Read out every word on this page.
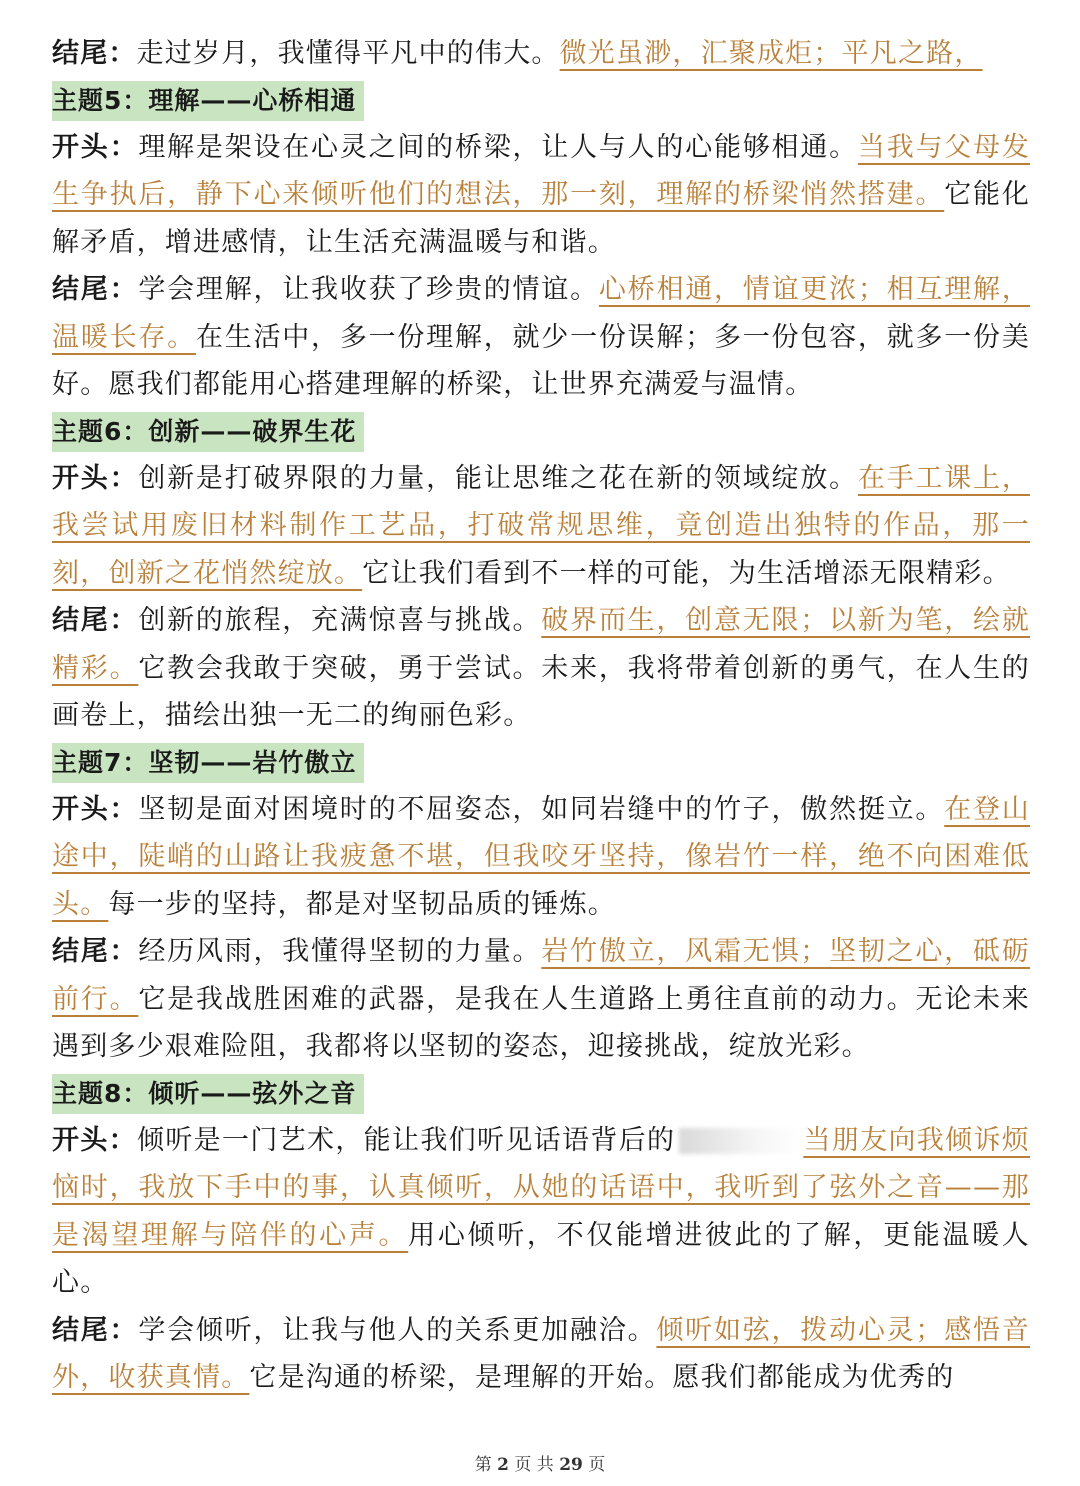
结尾：走过岁月，我懂得平凡中的伟大。微光虽渺，汇聚成炬；平凡之路，

主题5：理解——心桥相通

开头：理解是架设在心灵之间的桥梁，让人与人的心能够相通。当我与父母发生争执后，静下心来倾听他们的想法，那一刻，理解的桥梁悄然搭建。它能化解矛盾，增进感情，让生活充满温暖与和谐。

结尾：学会理解，让我收获了珍贵的情谊。心桥相通，情谊更浓；相互理解，温暖长存。在生活中，多一份理解，就少一份误解；多一份包容，就多一份美好。愿我们都能用心搭建理解的桥梁，让世界充满爱与温情。

主题6：创新——破界生花

开头：创新是打破界限的力量，能让思维之花在新的领域绽放。在手工课上，我尝试用废旧材料制作工艺品，打破常规思维，竟创造出独特的作品，那一刻，创新之花悄然绽放。它让我们看到不一样的可能，为生活增添无限精彩。

结尾：创新的旅程，充满惊喜与挑战。破界而生，创意无限；以新为笔，绘就精彩。它教会我敢于突破，勇于尝试。未来，我将带着创新的勇气，在人生的画卷上，描绘出独一无二的绚丽色彩。

主题7：坚韧——岩竹傲立

开头：坚韧是面对困境时的不屈姿态，如同岩缝中的竹子，傲然挺立。在登山途中，陡峭的山路让我疲惫不堪，但我咬牙坚持，像岩竹一样，绝不向困难低头。每一步的坚持，都是对坚韧品质的锤炼。

结尾：经历风雨，我懂得坚韧的力量。岩竹傲立，风霜无惧；坚韧之心，砥砺前行。它是我战胜困难的武器，是我在人生道路上勇往直前的动力。无论未来遇到多少艰难险阻，我都将以坚韧的姿态，迎接挑战，绽放光彩。

主题8：倾听——弦外之音

开头：倾听是一门艺术，能让我们听见话语背后的	当朋友向我倾诉烦恼时，我放下手中的事，认真倾听，从她的话语中，我听到了弦外之音——那是渴望理解与陪伴的心声。用心倾听，不仅能增进彼此的了解，更能温暖人心。

结尾：学会倾听，让我与他人的关系更加融洽。倾听如弦，拨动心灵；感悟音外，收获真情。它是沟通的桥梁，是理解的开始。愿我们都能成为优秀的

第 2 页 共 29 页
